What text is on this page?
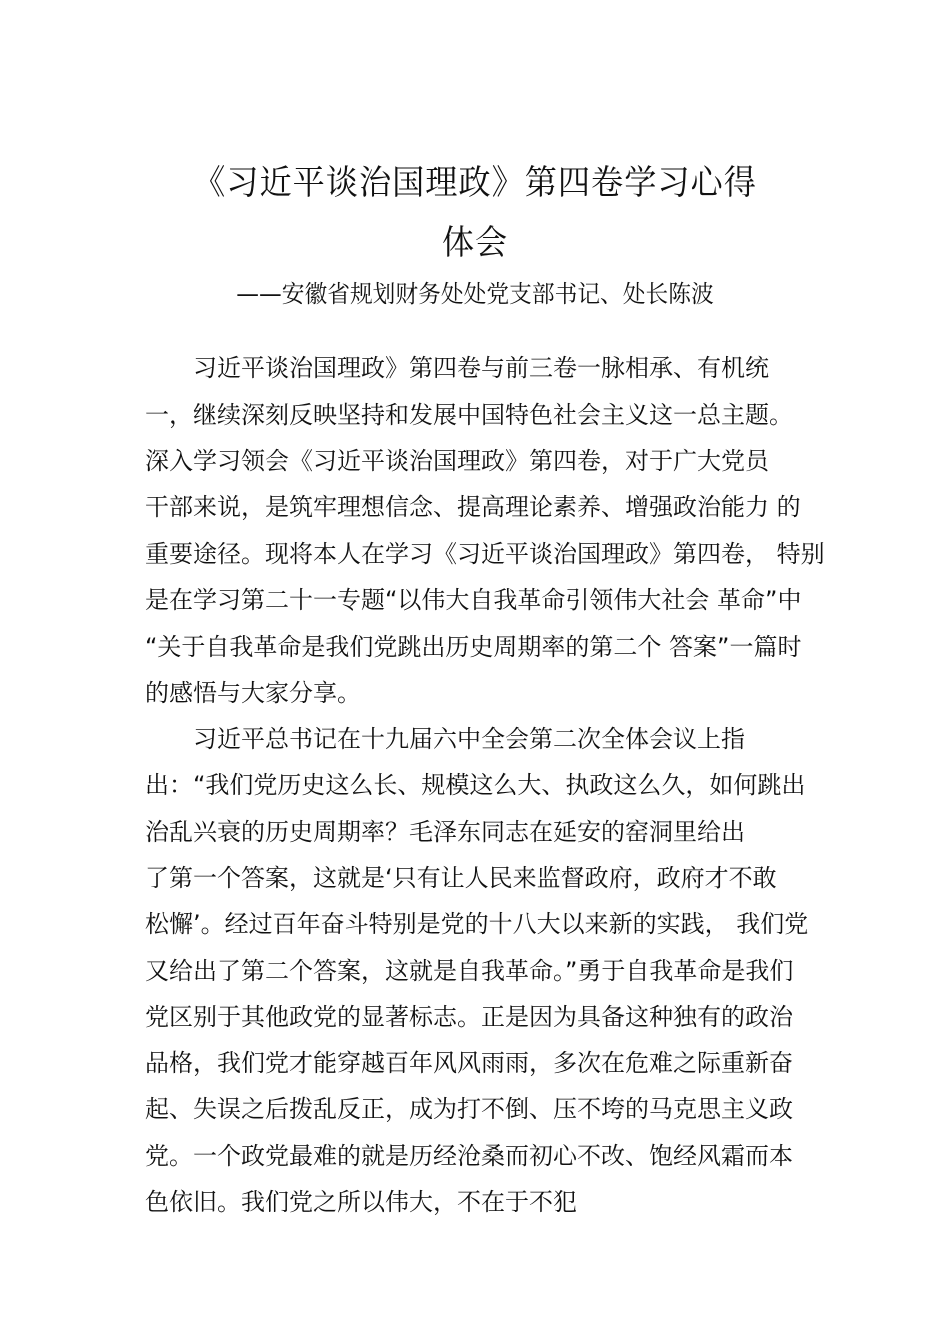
《习近平谈治国理政》第四卷学习心得
体会
——安徽省规划财务处处党支部书记、处长陈波
习近平谈治国理政》第四卷与前三卷一脉相承、有机统
一，继续深刻反映坚持和发展中国特色社会主义这一总主题。
深入学习领会《习近平谈治国理政》第四卷，对于广大党员
干部来说，是筑牢理想信念、提高理论素养、增强政治能力 的
重要途径。现将本人在学习《习近平谈治国理政》第四卷， 特别
是在学习第二十一专题“以伟大自我革命引领伟大社会 革命”中
“关于自我革命是我们党跳出历史周期率的第二个 答案”一篇时
的感悟与大家分享。
习近平总书记在十九届六中全会第二次全体会议上指
出：“我们党历史这么长、规模这么大、执政这么久，如何跳出
治乱兴衰的历史周期率？毛泽东同志在延安的窑洞里给出
了第一个答案，这就是‘只有让人民来监督政府，政府才不敢
松懈’。经过百年奋斗特别是党的十八大以来新的实践， 我们党
又给出了第二个答案，这就是自我革命。”勇于自我革命是我们
党区别于其他政党的显著标志。正是因为具备这种独有的政治
品格，我们党才能穿越百年风风雨雨，多次在危难之际重新奋
起、失误之后拨乱反正，成为打不倒、压不垮的马克思主义政
党。一个政党最难的就是历经沧桑而初心不改、饱经风霜而本
色依旧。我们党之所以伟大，不在于不犯
